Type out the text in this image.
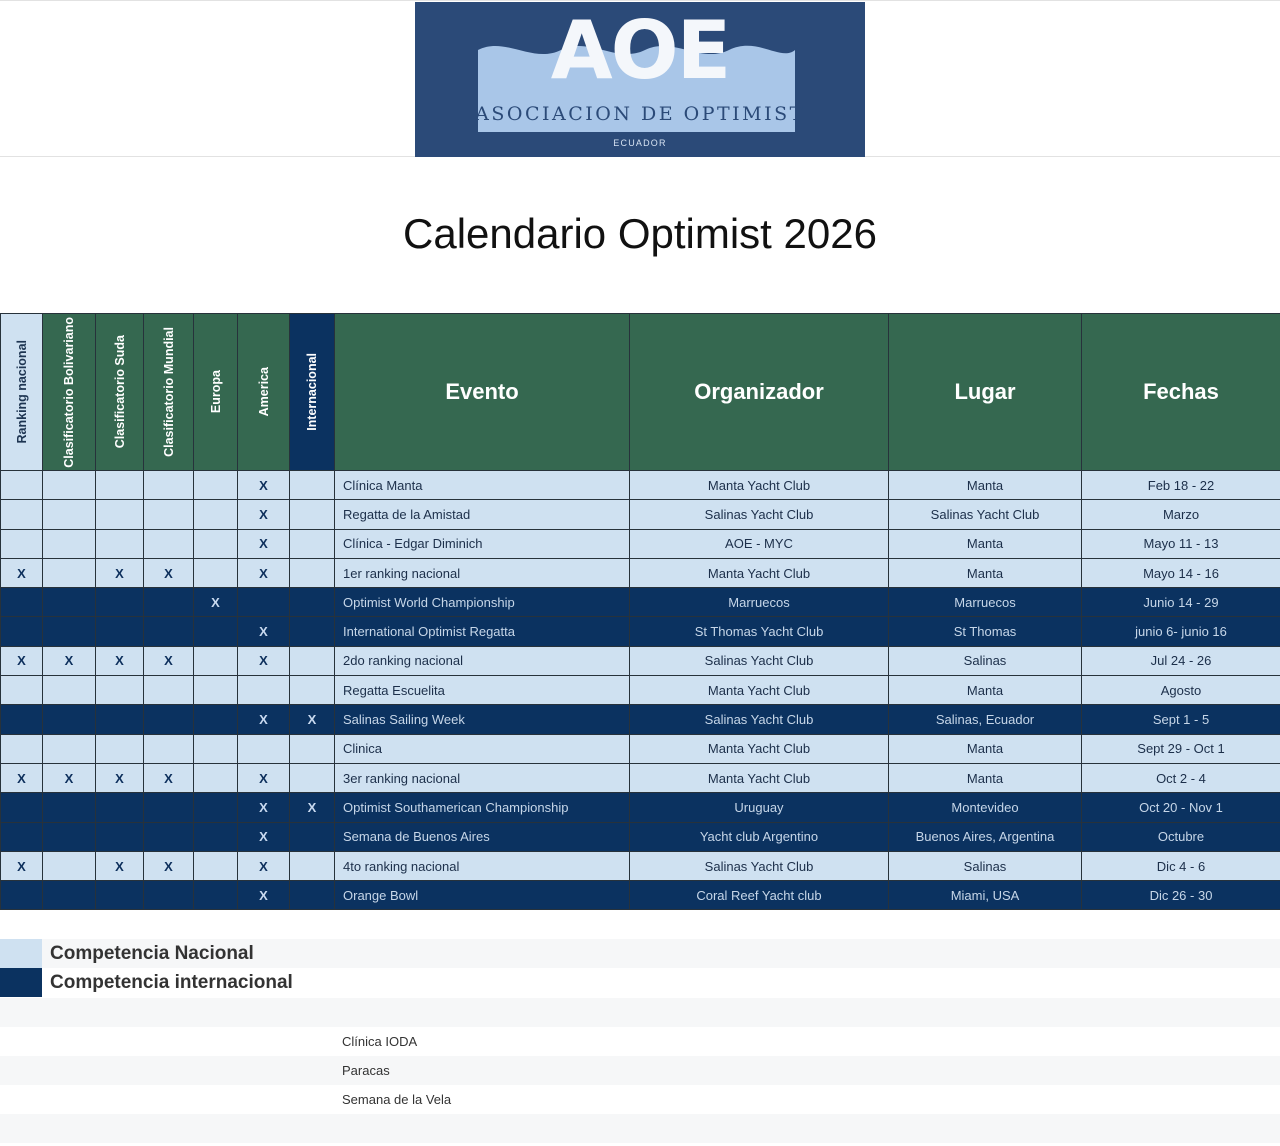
AOE
ASOCIACION DE OPTIMIST
ECUADOR
Calendario Optimist 2026
Ranking nacional	Clasificatorio Bolivariano	Clasificatorio Suda	Clasificatorio Mundial	Europa	America	Internacional	Evento	Organizador	Lugar	Fechas
					X		Clínica Manta	Manta Yacht Club	Manta	Feb 18 - 22
					X		Regatta de la Amistad	Salinas Yacht Club	Salinas Yacht Club	Marzo
					X		Clínica - Edgar Diminich	AOE - MYC	Manta	Mayo 11 - 13
X		X	X		X		1er ranking nacional	Manta Yacht Club	Manta	Mayo 14 - 16
				X			Optimist World Championship	Marruecos	Marruecos	Junio 14 - 29
					X		International Optimist Regatta	St Thomas Yacht Club	St Thomas	junio 6- junio 16
X	X	X	X		X		2do ranking nacional	Salinas Yacht Club	Salinas	Jul 24 - 26
							Regatta Escuelita	Manta Yacht Club	Manta	Agosto
					X	X	Salinas Sailing Week	Salinas Yacht Club	Salinas, Ecuador	Sept 1 - 5
							Clinica	Manta Yacht Club	Manta	Sept 29 - Oct 1
X	X	X	X		X		3er ranking nacional	Manta Yacht Club	Manta	Oct 2 - 4
					X	X	Optimist Southamerican Championship	Uruguay	Montevideo	Oct 20 - Nov 1
					X		Semana de Buenos Aires	Yacht club Argentino	Buenos Aires, Argentina	Octubre
X		X	X		X		4to ranking nacional	Salinas Yacht Club	Salinas	Dic 4 - 6
					X		Orange Bowl	Coral Reef Yacht club	Miami, USA	Dic 26 - 30
Competencia Nacional
Competencia internacional
Clínica IODA
Paracas
Semana de la Vela
